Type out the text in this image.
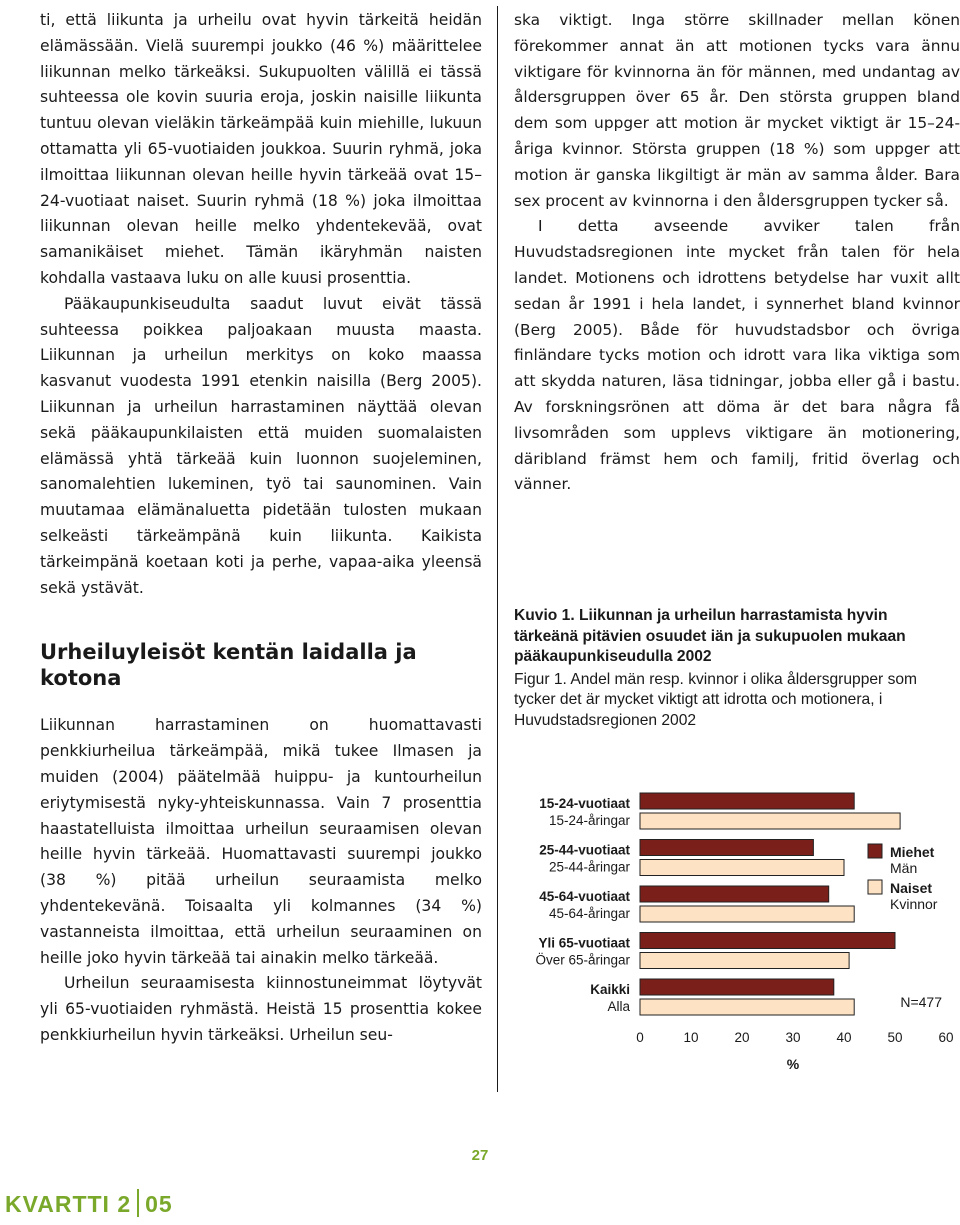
ti, että liikunta ja urheilu ovat hyvin tärkeitä heidän elämässään. Vielä suurempi joukko (46 %) määrittelee liikunnan melko tärkeäksi. Sukupuolten välillä ei tässä suhteessa ole kovin suuria eroja, joskin naisille liikunta tuntuu olevan vieläkin tärkeämpää kuin miehille, lukuun ottamatta yli 65-vuotiaiden joukkoa. Suurin ryhmä, joka ilmoittaa liikunnan olevan heille hyvin tärkeää ovat 15–24-vuotiaat naiset. Suurin ryhmä (18 %) joka ilmoittaa liikunnan olevan heille melko yhdentekevää, ovat samanikäiset miehet. Tämän ikäryhmän naisten kohdalla vastaava luku on alle kuusi prosenttia.

Pääkaupunkiseudulta saadut luvut eivät tässä suhteessa poikkea paljoakaan muusta maasta. Liikunnan ja urheilun merkitys on koko maassa kasvanut vuodesta 1991 etenkin naisilla (Berg 2005). Liikunnan ja urheilun harrastaminen näyttää olevan sekä pääkaupunkilaisten että muiden suomalaisten elämässä yhtä tärkeää kuin luonnon suojeleminen, sanomalehtien lukeminen, työ tai saunominen. Vain muutamaa elämänaluetta pidetään tulosten mukaan selkeästi tärkeämpänä kuin liikunta. Kaikista tärkeimpänä koetaan koti ja perhe, vapaa-aika yleensä sekä ystävät.

Urheiluyleisöt kentän laidalla ja kotona

Liikunnan harrastaminen on huomattavasti penkkiurheilua tärkeämpää, mikä tukee Ilmasen ja muiden (2004) päätelmää huippu- ja kuntourheilun eriytymisestä nyky-yhteiskunnassa. Vain 7 prosenttia haastatelluista ilmoittaa urheilun seuraamisen olevan heille hyvin tärkeää. Huomattavasti suurempi joukko (38 %) pitää urheilun seuraamista melko yhdentekevänä. Toisaalta yli kolmannes (34 %) vastanneista ilmoittaa, että urheilun seuraaminen on heille joko hyvin tärkeää tai ainakin melko tärkeää.

Urheilun seuraamisesta kiinnostuneimmat löytyvät yli 65-vuotiaiden ryhmästä. Heistä 15 prosenttia kokee penkkiurheilun hyvin tärkeäksi. Urheilun seu-

ska viktigt. Inga större skillnader mellan könen förekommer annat än att motionen tycks vara ännu viktigare för kvinnorna än för männen, med undantag av åldersgruppen över 65 år. Den största gruppen bland dem som uppger att motion är mycket viktigt är 15–24-åriga kvinnor. Största gruppen (18 %) som uppger att motion är ganska likgiltigt är män av samma ålder. Bara sex procent av kvinnorna i den åldersgruppen tycker så.

I detta avseende avviker talen från Huvudstadsregionen inte mycket från talen för hela landet. Motionens och idrottens betydelse har vuxit allt sedan år 1991 i hela landet, i synnerhet bland kvinnor (Berg 2005). Både för huvudstadsbor och övriga finländare tycks motion och idrott vara lika viktiga som att skydda naturen, läsa tidningar, jobba eller gå i bastu. Av forskningsrönen att döma är det bara några få livsområden som upplevs viktigare än motionering, däribland främst hem och familj, fritid överlag och vänner.

Kuvio 1. Liikunnan ja urheilun harrastamista hyvin tärkeänä pitävien osuudet iän ja sukupuolen mukaan pääkaupunkiseudulla 2002

Figur 1. Andel män resp. kvinnor i olika åldersgrupper som tycker det är mycket viktigt att idrotta och motionera, i Huvudstadsregionen 2002

15-24-vuotiaat
15-24-åringar
25-44-vuotiaat
25-44-åringar
45-64-vuotiaat
45-64-åringar
Yli 65-vuotiaat
Över 65-åringar
Kaikki
Alla
0	10	20	30	40	50	60
%
Miehet
Män
Naiset
Kvinnor
N=477
27
KVARTTI 2 05
